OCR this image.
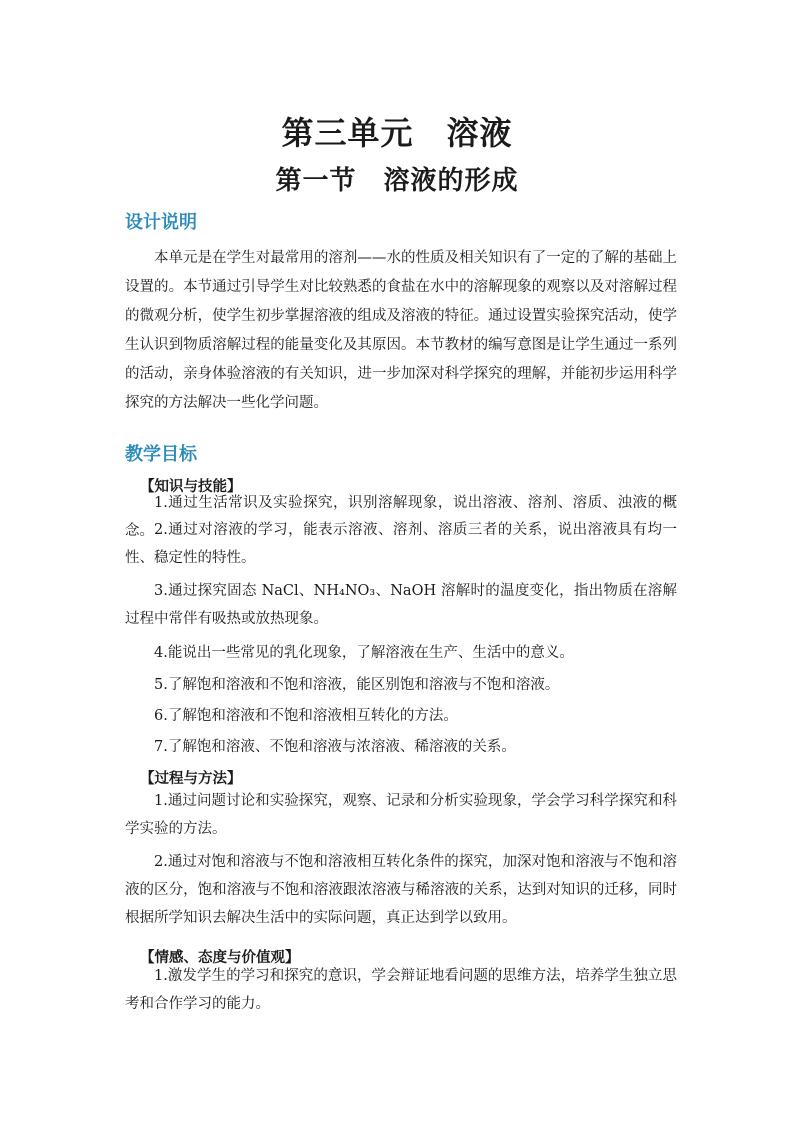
第三单元　溶液
第一节　溶液的形成
设计说明
本单元是在学生对最常用的溶剂——水的性质及相关知识有了一定的了解的基础上设置的。本节通过引导学生对比较熟悉的食盐在水中的溶解现象的观察以及对溶解过程的微观分析，使学生初步掌握溶液的组成及溶液的特征。通过设置实验探究活动，使学生认识到物质溶解过程的能量变化及其原因。本节教材的编写意图是让学生通过一系列的活动，亲身体验溶液的有关知识，进一步加深对科学探究的理解，并能初步运用科学探究的方法解决一些化学问题。
教学目标
【知识与技能】
1.通过生活常识及实验探究，识别溶解现象，说出溶液、溶剂、溶质、浊液的概念。 2.通过对溶液的学习，能表示溶液、溶剂、溶质三者的关系，说出溶液具有均一性、稳定性的特性。
3.通过探究固态 NaCl、NH₄NO₃、NaOH 溶解时的温度变化，指出物质在溶解过程中常伴有吸热或放热现象。
4.能说出一些常见的乳化现象，了解溶液在生产、生活中的意义。
5.了解饱和溶液和不饱和溶液，能区别饱和溶液与不饱和溶液。
6.了解饱和溶液和不饱和溶液相互转化的方法。
7.了解饱和溶液、不饱和溶液与浓溶液、稀溶液的关系。
【过程与方法】
1.通过问题讨论和实验探究，观察、记录和分析实验现象，学会学习科学探究和科学实验的方法。
2.通过对饱和溶液与不饱和溶液相互转化条件的探究，加深对饱和溶液与不饱和溶液的区分，饱和溶液与不饱和溶液跟浓溶液与稀溶液的关系，达到对知识的迁移，同时根据所学知识去解决生活中的实际问题，真正达到学以致用。
【情感、态度与价值观】
1.激发学生的学习和探究的意识，学会辩证地看问题的思维方法，培养学生独立思考和合作学习的能力。
